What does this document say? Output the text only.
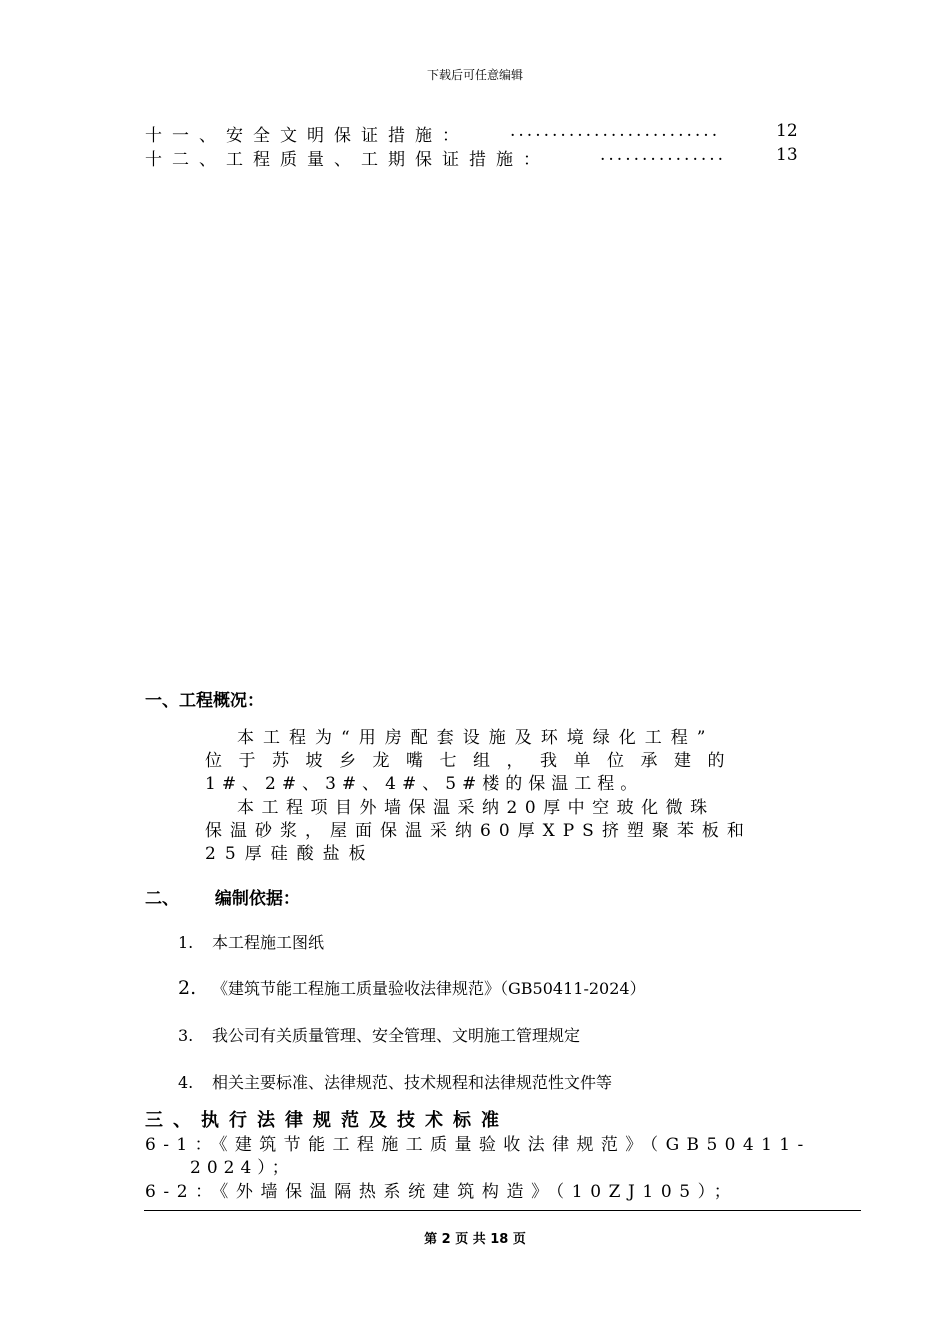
下载后可任意编辑
十一、安全文明保证措施： .........................	12
十二、工程质量、工期保证措施：	...............	13
一、工程概况：
本工程为“用房配套设施及环境绿化工程”
位于苏坡乡龙嘴七组，我单位承建的
1#、2#、3#、4#、5#楼的保温工程。
本工程项目外墙保温采纳20厚中空玻化微珠
保温砂浆，屋面保温采纳60厚XPS挤塑聚苯板和
25厚硅酸盐板
二、 编制依据：
1. 本工程施工图纸
2. 《建筑节能工程施工质量验收法律规范》（GB50411-2024）
3. 我公司有关质量管理、安全管理、文明施工管理规定
4. 相关主要标准、法律规范、技术规程和法律规范性文件等
三、执行法律规范及技术标准
6-1：《建筑节能工程施工质量验收法律规范》（GB50411-
2024）；
6-2：《外墙保温隔热系统建筑构造》（10ZJ105）；
第 2 页 共 18 页
